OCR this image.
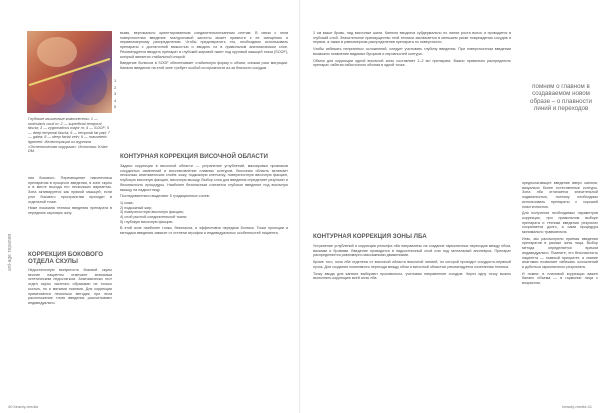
ant-age терапия
1
2
3
4
5
Глубокие мышечные компоненты: 1 — orbicularis oculi m; 2 — superficial temporal fascia; 3 — zygomaticus major m; 4 — SOOF; 5 — deep temporal fascia; 6 — temporal fat pad; 7 — galea; 8 — deep facial vein; 9 — masseteric ligament. Иллюстрация из журнала «Эстетическая хирургия». Источник: Knize DM.

ния бокового. Перемещение наконечника препаратом в процессе введения, в зоне скулы и в месте выхода его нескольких вариантах. Зона активируется как прямой мышцей, если угол бокового пространства проходит в отдельной точке.

Ниже показана техника введения препарата в переднюю скуловую зону.

КОРРЕКЦИЯ БОКОВОГО ОТДЕЛА СКУЛЫ

Недостаточную выпуклость боковой скулы многие пациенты отмечают значимым эстетическим недостатком. Анатомически этот отдел скулы частично образован не только костью, но и мягкими тканями. Для коррекции применяются несколько методик, при этом расположение точек введения рассчитывают индивидуально.

вымя, вертикально ориентированным соединительнотканным септам. В связи с этим поверхностная введение гиалуроновой кислоты может привести к ее смещению и неравномерному распределению. Чтобы предотвратить это, необходимо использовать препараты с достаточной вязкостью и вводить их в правильном анатомическом слое. Рекомендуется вводить препарат в глубокий жировой пакет под круговой мышцей глаза (SOOF), который является стабильной опорой.

Введение болюсов в SOOF обеспечивает стабильную форму и объем, снижая риск миграции. Каналю введение на этой зоне требует особой осторожности из-за близости сосудов.

КОНТУРНАЯ КОРРЕКЦИЯ ВИСОЧНОЙ ОБЛАСТИ

Задачи коррекции в височной области — устранение углублений, маскировка признаков сосудистых изменений и восстановление плавных контуров. Височная область включает несколько анатомических слоёв: кожу, подкожную клетчатку, поверхностную височную фасцию, глубокую височную фасцию, височную мышцу. Выбор слоя для введения определяет результат и безопасность процедуры. Наиболее безопасным считается глубокое введение под височную мышцу на надкостницу.

Последовательно выделяют 5 традиционных слоев:

1) кожа;

2) подкожный жир;

3) поверхностную височную фасцию;

4) слой рыхлой соединительной ткани;

5) глубокую височную фасцию.

В этой зоне наиболее тонка, безопасна, и эффективна передача болюса. Точки проекции и методики введения зависят от степени атрофии и индивидуальных особенностей пациента.

40 beauty-media

1 см выше бровь, над височные шили. Канюля вводится субдермально по линии роста волос и проводится в глубокий слой. Значительное преимущество этой техники заключается в меньшем риске повреждения сосудов и нервов, а также в равномерном распределении препарата по поверхности.

Чтобы избежать неприятных осложнений, следует учитывать глубину введения. При поверхностном введении возможно появление видимых бугорков и неровностей контура.

Объем для коррекции одной височной зоны составляет 1–2 мл препарата. Важно правильно распределить препарат, избегая избыточного объема в одной точке.

КОНТУРНАЯ КОРРЕКЦИЯ ЗОНЫ ЛБА

Устранение углублений и коррекция рельефа лба направлены на создание гармоничных переходов между лбом, висками и бровями. Введение проводится в надкостничный слой или под галеальный апоневроз. Препарат распределяется равномерно массажными движениями.

Кроме того, зона лба отделена от височной области височной линией, по которой проходит сосудисто-нервный пучок. Для создания позитивного перехода между лбом и височной областью рекомендуется сочетанная техника.

Точку ввода для канюли выбирают произвольно, учитывая направление сосудов. Через одну точку можно выполнить коррекцию всей зоны лба.

помним о главном в создаваемом новом образе – о плавности линий и переходов

предполагающее введение вверх канюли, визуально более естественные контуры. Зона лба отличается значительной подвижностью, поэтому необходимо использовать препараты с хорошей пластичностью.

Для получения необходимых параметров коррекции, при правильном выборе препарата и техники введения результат сохраняется долго, а сама процедура минимально травматична.

Итак, мы рассмотрели приемы введения препаратов в разные зоны лица. Выбор метода определяется врачом индивидуально. Помните, что безопасность пациента — главный приоритет, а знание анатомии позволяет избежать осложнений и добиться гармоничного результата.

И помни: в плановой коррекции важен баланс объема — в гармонии лица с возрастом.

beauty-media 41
